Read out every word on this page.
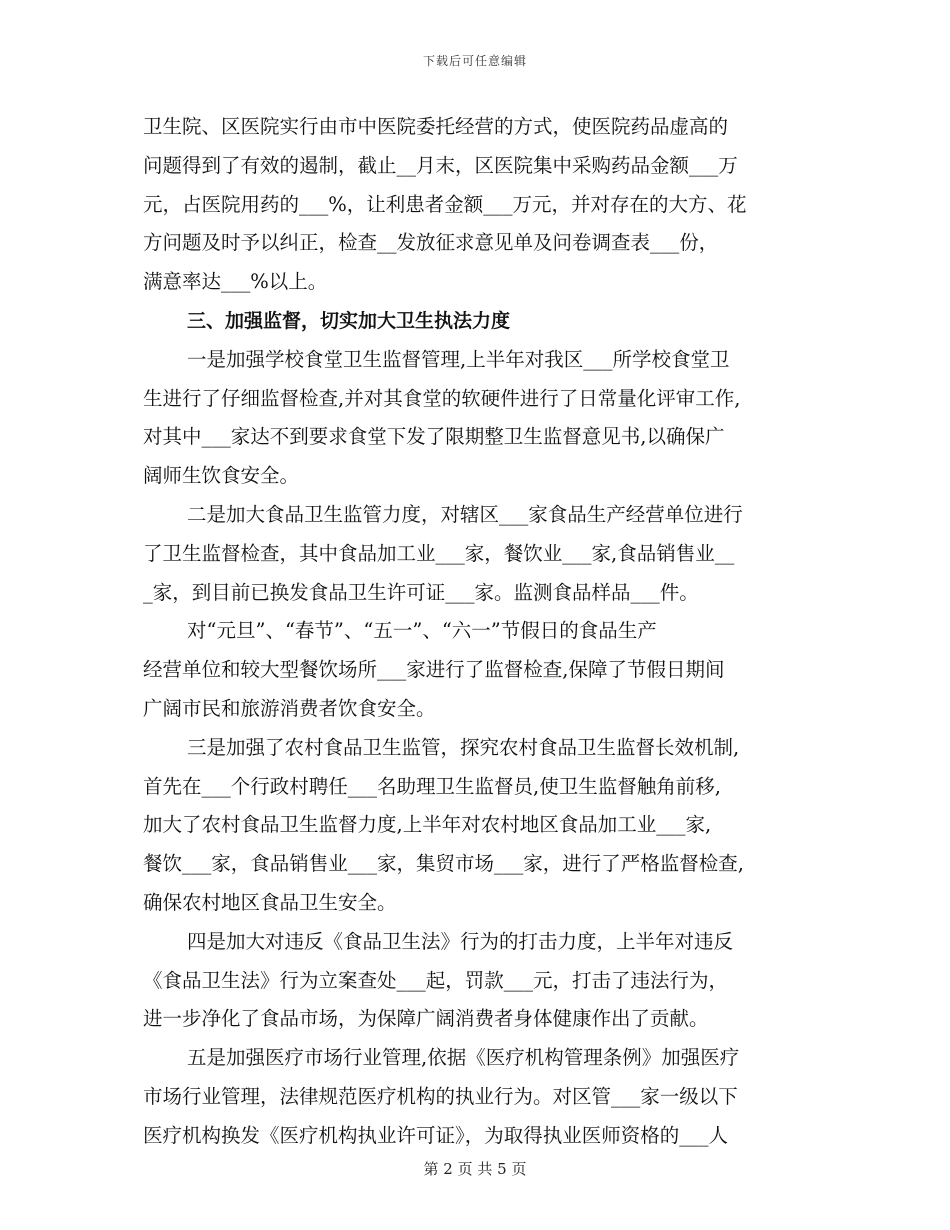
下载后可任意编辑
卫生院、区医院实行由市中医院委托经营的方式，使医院药品虚高的
问题得到了有效的遏制，截止__月末，区医院集中采购药品金额___万
元，占医院用药的___%，让利患者金额___万元，并对存在的大方、花
方问题及时予以纠正，检查__发放征求意见单及问卷调查表___份，
满意率达___%以上。
三、加强监督，切实加大卫生执法力度
一是加强学校食堂卫生监督管理,上半年对我区___所学校食堂卫
生进行了仔细监督检查,并对其食堂的软硬件进行了日常量化评审工作,
对其中___家达不到要求食堂下发了限期整卫生监督意见书,以确保广
阔师生饮食安全。
二是加大食品卫生监管力度，对辖区___家食品生产经营单位进行
了卫生监督检查，其中食品加工业___家，餐饮业___家,食品销售业__
_家，到目前已换发食品卫生许可证___家。监测食品样品___件。
对“元旦”、“春节”、“五一”、“六一”节假日的食品生产
经营单位和较大型餐饮场所___家进行了监督检查,保障了节假日期间
广阔市民和旅游消费者饮食安全。
三是加强了农村食品卫生监管，探究农村食品卫生监督长效机制,
首先在___个行政村聘任___名助理卫生监督员,使卫生监督触角前移,
加大了农村食品卫生监督力度,上半年对农村地区食品加工业___家,
餐饮___家，食品销售业___家，集贸市场___家，进行了严格监督检查,
确保农村地区食品卫生安全。
四是加大对违反《食品卫生法》行为的打击力度，上半年对违反
《食品卫生法》行为立案查处___起，罚款___元，打击了违法行为，
进一步净化了食品市场，为保障广阔消费者身体健康作出了贡献。
五是加强医疗市场行业管理,依据《医疗机构管理条例》加强医疗
市场行业管理，法律规范医疗机构的执业行为。对区管___家一级以下
医疗机构换发《医疗机构执业许可证》，为取得执业医师资格的___人
第 2 页 共 5 页
